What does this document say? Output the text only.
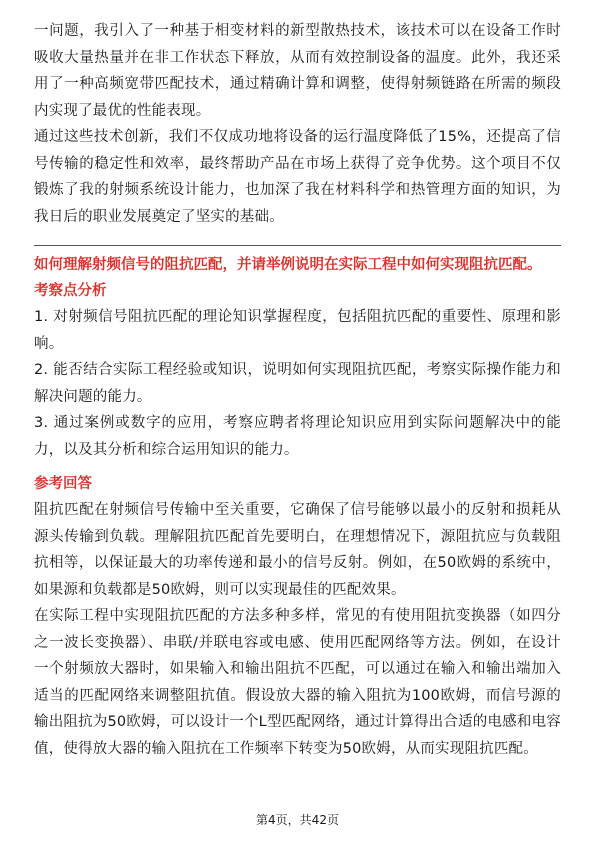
一问题，我引入了一种基于相变材料的新型散热技术，该技术可以在设备工作时吸收大量热量并在非工作状态下释放，从而有效控制设备的温度。此外，我还采用了一种高频宽带匹配技术，通过精确计算和调整，使得射频链路在所需的频段内实现了最优的性能表现。

通过这些技术创新，我们不仅成功地将设备的运行温度降低了15%，还提高了信号传输的稳定性和效率，最终帮助产品在市场上获得了竞争优势。这个项目不仅锻炼了我的射频系统设计能力，也加深了我在材料科学和热管理方面的知识，为我日后的职业发展奠定了坚实的基础。

如何理解射频信号的阻抗匹配，并请举例说明在实际工程中如何实现阻抗匹配。
考察点分析

1. 对射频信号阻抗匹配的理论知识掌握程度，包括阻抗匹配的重要性、原理和影响。

2. 能否结合实际工程经验或知识，说明如何实现阻抗匹配，考察实际操作能力和解决问题的能力。

3. 通过案例或数字的应用，考察应聘者将理论知识应用到实际问题解决中的能力，以及其分析和综合运用知识的能力。

参考回答

阻抗匹配在射频信号传输中至关重要，它确保了信号能够以最小的反射和损耗从源头传输到负载。理解阻抗匹配首先要明白，在理想情况下，源阻抗应与负载阻抗相等，以保证最大的功率传递和最小的信号反射。例如，在50欧姆的系统中，如果源和负载都是50欧姆，则可以实现最佳的匹配效果。

在实际工程中实现阻抗匹配的方法多种多样，常见的有使用阻抗变换器（如四分之一波长变换器）、串联/并联电容或电感、使用匹配网络等方法。例如，在设计一个射频放大器时，如果输入和输出阻抗不匹配，可以通过在输入和输出端加入适当的匹配网络来调整阻抗值。假设放大器的输入阻抗为100欧姆，而信号源的输出阻抗为50欧姆，可以设计一个L型匹配网络，通过计算得出合适的电感和电容值，使得放大器的输入阻抗在工作频率下转变为50欧姆，从而实现阻抗匹配。

第4页，共42页
